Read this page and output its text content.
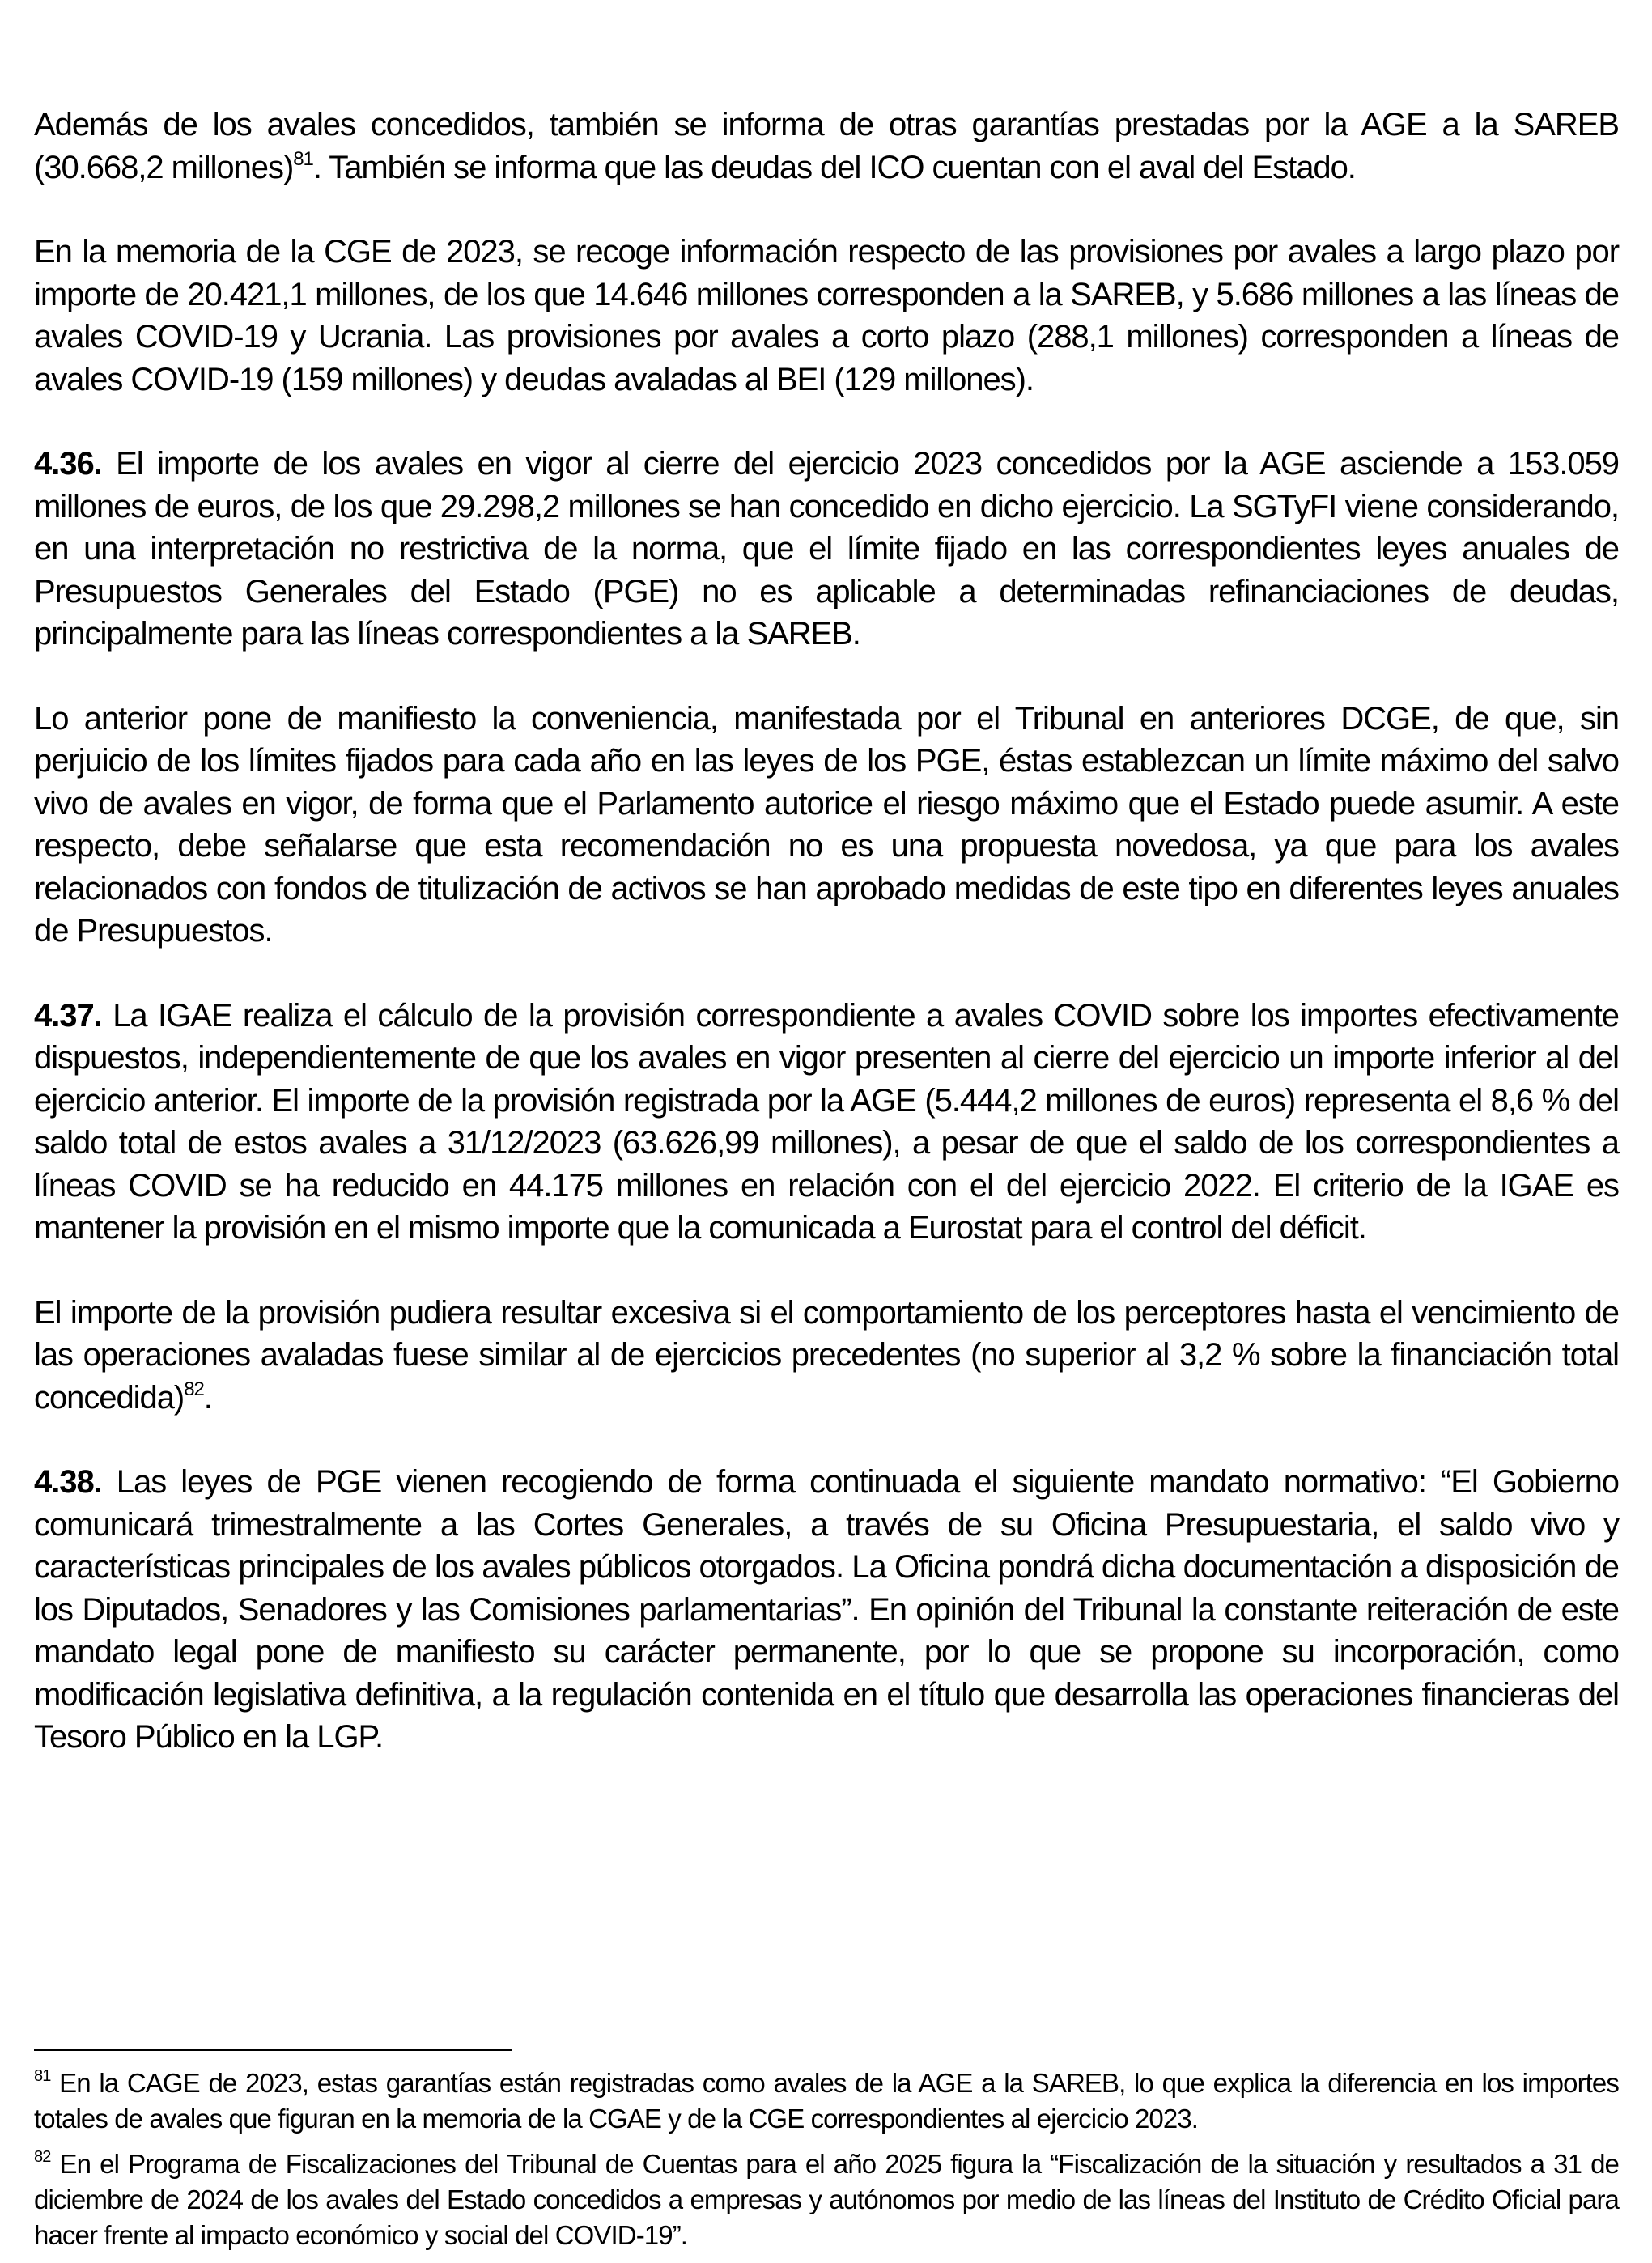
Además de los avales concedidos, también se informa de otras garantías prestadas por la AGE a la SAREB (30.668,2 millones)$^{81}$. También se informa que las deudas del ICO cuentan con el aval del Estado.

En la memoria de la CGE de 2023, se recoge información respecto de las provisiones por avales a largo plazo por importe de 20.421,1 millones, de los que 14.646 millones corresponden a la SAREB, y 5.686 millones a las líneas de avales COVID-19 y Ucrania. Las provisiones por avales a corto plazo (288,1 millones) corresponden a líneas de avales COVID-19 (159 millones) y deudas avaladas al BEI (129 millones).

4.36. El importe de los avales en vigor al cierre del ejercicio 2023 concedidos por la AGE asciende a 153.059 millones de euros, de los que 29.298,2 millones se han concedido en dicho ejercicio. La SGTyFI viene considerando, en una interpretación no restrictiva de la norma, que el límite fijado en las correspondientes leyes anuales de Presupuestos Generales del Estado (PGE) no es aplicable a determinadas refinanciaciones de deudas, principalmente para las líneas correspondientes a la SAREB.

Lo anterior pone de manifiesto la conveniencia, manifestada por el Tribunal en anteriores DCGE, de que, sin perjuicio de los límites fijados para cada año en las leyes de los PGE, éstas establezcan un límite máximo del salvo vivo de avales en vigor, de forma que el Parlamento autorice el riesgo máximo que el Estado puede asumir. A este respecto, debe señalarse que esta recomendación no es una propuesta novedosa, ya que para los avales relacionados con fondos de titulización de activos se han aprobado medidas de este tipo en diferentes leyes anuales de Presupuestos.

4.37. La IGAE realiza el cálculo de la provisión correspondiente a avales COVID sobre los importes efectivamente dispuestos, independientemente de que los avales en vigor presenten al cierre del ejercicio un importe inferior al del ejercicio anterior. El importe de la provisión registrada por la AGE (5.444,2 millones de euros) representa el 8,6 % del saldo total de estos avales a 31/12/2023 (63.626,99 millones), a pesar de que el saldo de los correspondientes a líneas COVID se ha reducido en 44.175 millones en relación con el del ejercicio 2022. El criterio de la IGAE es mantener la provisión en el mismo importe que la comunicada a Eurostat para el control del déficit.

El importe de la provisión pudiera resultar excesiva si el comportamiento de los perceptores hasta el vencimiento de las operaciones avaladas fuese similar al de ejercicios precedentes (no superior al 3,2 % sobre la financiación total concedida)$^{82}$.

4.38. Las leyes de PGE vienen recogiendo de forma continuada el siguiente mandato normativo: “El Gobierno comunicará trimestralmente a las Cortes Generales, a través de su Oficina Presupuestaria, el saldo vivo y características principales de los avales públicos otorgados. La Oficina pondrá dicha documentación a disposición de los Diputados, Senadores y las Comisiones parlamentarias”. En opinión del Tribunal la constante reiteración de este mandato legal pone de manifiesto su carácter permanente, por lo que se propone su incorporación, como modificación legislativa definitiva, a la regulación contenida en el título que desarrolla las operaciones financieras del Tesoro Público en la LGP.

$^{81}$ En la CAGE de 2023, estas garantías están registradas como avales de la AGE a la SAREB, lo que explica la diferencia en los importes totales de avales que figuran en la memoria de la CGAE y de la CGE correspondientes al ejercicio 2023.

$^{82}$ En el Programa de Fiscalizaciones del Tribunal de Cuentas para el año 2025 figura la “Fiscalización de la situación y resultados a 31 de diciembre de 2024 de los avales del Estado concedidos a empresas y autónomos por medio de las líneas del Instituto de Crédito Oficial para hacer frente al impacto económico y social del COVID-19”.
